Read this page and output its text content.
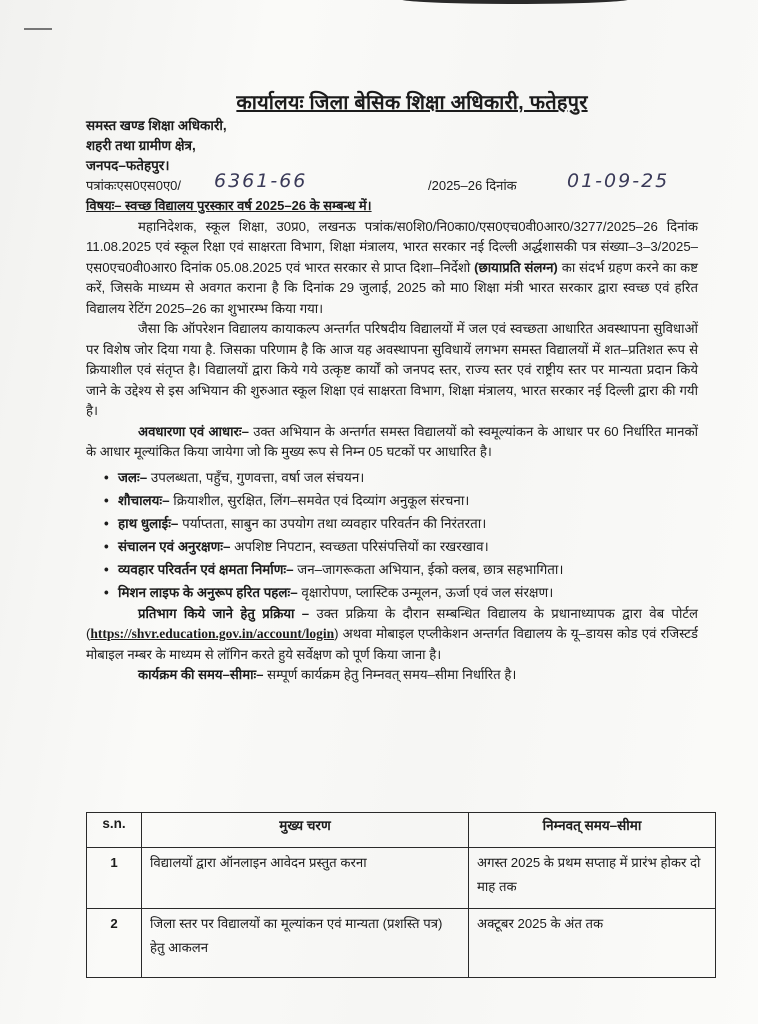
कार्यालयः जिला बेसिक शिक्षा अधिकारी, फतेहपुर
समस्त खण्ड शिक्षा अधिकारी,
शहरी तथा ग्रामीण क्षेत्र,
जनपद–फतेहपुर।
पत्रांकःएस0एस0ए0/ 6361-66	/2025–26 दिनांक	01-09-25
विषयः– स्वच्छ विद्यालय पुरस्कार वर्ष 2025–26 के सम्बन्ध में।

महानिदेशक, स्कूल शिक्षा, उ0प्र0, लखनऊ पत्रांक/स0शि0/नि0का0/एस0एच0वी0आर0/3277/2025–26 दिनांक 11.08.2025 एवं स्कूल रिक्षा एवं साक्षरता विभाग, शिक्षा मंत्रालय, भारत सरकार नई दिल्ली अर्द्धशासकी पत्र संख्या–3–3/2025–एस0एच0वी0आर0 दिनांक 05.08.2025 एवं भारत सरकार से प्राप्त दिशा–निर्देशो (छायाप्रति संलग्न) का संदर्भ ग्रहण करने का कष्ट करें, जिसके माध्यम से अवगत कराना है कि दिनांक 29 जुलाई, 2025 को मा0 शिक्षा मंत्री भारत सरकार द्वारा स्वच्छ एवं हरित विद्यालय रेटिंग 2025–26 का शुभारम्भ किया गया।

जैसा कि ऑपरेशन विद्यालय कायाकल्प अन्तर्गत परिषदीय विद्यालयों में जल एवं स्वच्छता आधारित अवस्थापना सुविधाओं पर विशेष जोर दिया गया है. जिसका परिणाम है कि आज यह अवस्थापना सुविधायें लगभग समस्त विद्यालयों में शत–प्रतिशत रूप से क्रियाशील एवं संतृप्त है। विद्यालयों द्वारा किये गये उत्कृष्ट कार्यों को जनपद स्तर, राज्य स्तर एवं राष्ट्रीय स्तर पर मान्यता प्रदान किये जाने के उद्देश्य से इस अभियान की शुरुआत स्कूल शिक्षा एवं साक्षरता विभाग, शिक्षा मंत्रालय, भारत सरकार नई दिल्ली द्वारा की गयी है।

अवधारणा एवं आधारः– उक्त अभियान के अन्तर्गत समस्त विद्यालयों को स्वमूल्यांकन के आधार पर 60 निर्धारित मानकों के आधार मूल्यांकित किया जायेगा जो कि मुख्य रूप से निम्न 05 घटकों पर आधारित है।

• जलः– उपलब्धता, पहुँच, गुणवत्ता, वर्षा जल संचयन।
• शौचालयः– क्रियाशील, सुरक्षित, लिंग–समवेत एवं दिव्यांग अनुकूल संरचना।
• हाथ धुलाईः– पर्याप्तता, साबुन का उपयोग तथा व्यवहार परिवर्तन की निरंतरता।
• संचालन एवं अनुरक्षणः– अपशिष्ट निपटान, स्वच्छता परिसंपत्तियों का रखरखाव।
• व्यवहार परिवर्तन एवं क्षमता निर्माणः– जन–जागरूकता अभियान, ईको क्लब, छात्र सहभागिता।
• मिशन लाइफ के अनुरूप हरित पहलः– वृक्षारोपण, प्लास्टिक उन्मूलन, ऊर्जा एवं जल संरक्षण।

प्रतिभाग किये जाने हेतु प्रक्रिया – उक्त प्रक्रिया के दौरान सम्बन्धित विद्यालय के प्रधानाध्यापक द्वारा वेब पोर्टल (https://shvr.education.gov.in/account/login) अथवा मोबाइल एप्लीकेशन अन्तर्गत विद्यालय के यू–डायस कोड एवं रजिस्टर्ड मोबाइल नम्बर के माध्यम से लॉगिन करते हुये सर्वेक्षण को पूर्ण किया जाना है।

कार्यक्रम की समय–सीमाः– सम्पूर्ण कार्यक्रम हेतु निम्नवत् समय–सीमा निर्धारित है।

s.n.	मुख्य चरण	निम्नवत् समय–सीमा
1	विद्यालयों द्वारा ऑनलाइन आवेदन प्रस्तुत करना	अगस्त 2025 के प्रथम सप्ताह में प्रारंभ होकर दो माह तक
2	जिला स्तर पर विद्यालयों का मूल्यांकन एवं मान्यता (प्रशस्ति पत्र) हेतु आकलन	अक्टूबर 2025 के अंत तक
